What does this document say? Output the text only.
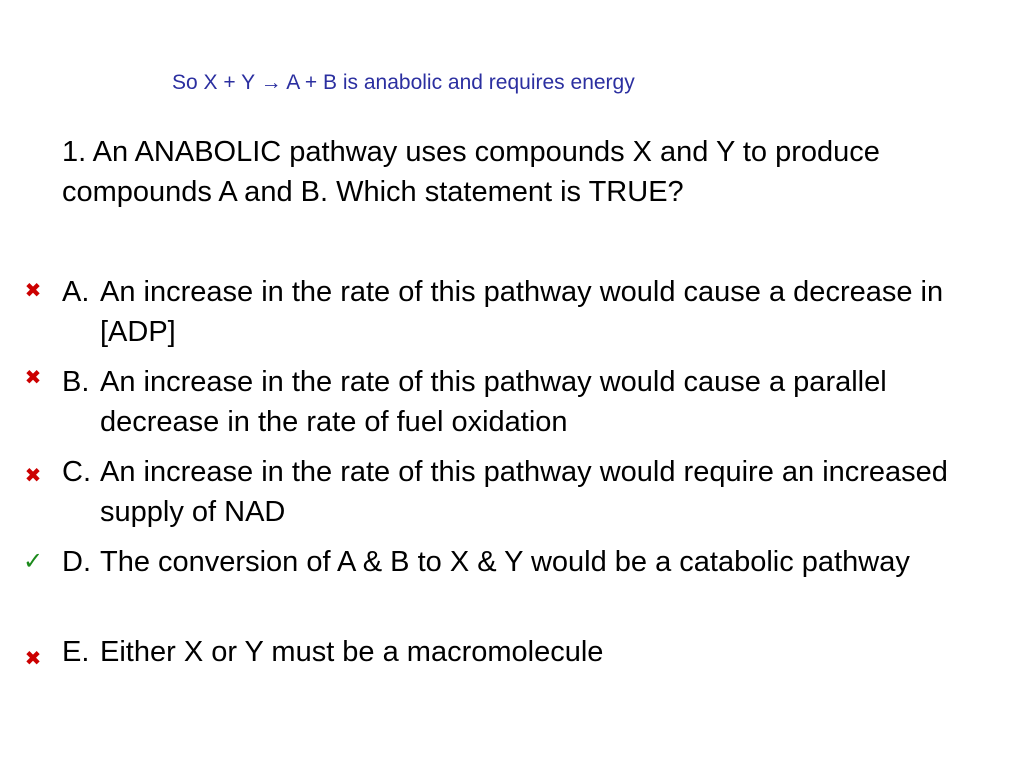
So X + Y → A + B is anabolic and requires energy
1. An ANABOLIC pathway uses compounds X and Y to produce compounds A and B. Which statement is TRUE?
✖ A. An increase in the rate of this pathway would cause a decrease in [ADP]
✖ B. An increase in the rate of this pathway would cause a parallel decrease in the rate of fuel oxidation
✖ C. An increase in the rate of this pathway would require an increased supply of NAD
✓ D. The conversion of A & B to X & Y would be a catabolic pathway
✖ E. Either X or Y must be a macromolecule
